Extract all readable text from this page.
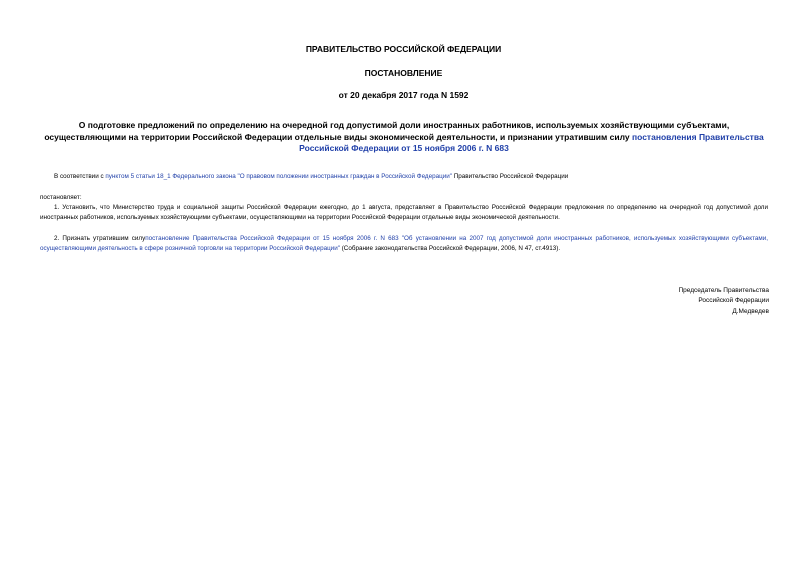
ПРАВИТЕЛЬСТВО РОССИЙСКОЙ ФЕДЕРАЦИИ
ПОСТАНОВЛЕНИЕ
от 20 декабря 2017 года N 1592
О подготовке предложений по определению на очередной год допустимой доли иностранных работников, используемых хозяйствующими субъектами, осуществляющими на территории Российской Федерации отдельные виды экономической деятельности, и признании утратившим силу постановления Правительства Российской Федерации от 15 ноября 2006 г. N 683
В соответствии с пунктом 5 статьи 18_1 Федерального закона "О правовом положении иностранных граждан в Российской Федерации" Правительство Российской Федерации
постановляет:
1. Установить, что Министерство труда и социальной защиты Российской Федерации ежегодно, до 1 августа, представляет в Правительство Российской Федерации предложения по определению на очередной год допустимой доли иностранных работников, используемых хозяйствующими субъектами, осуществляющими на территории Российской Федерации отдельные виды экономической деятельности.
2. Признать утратившим силупостановление Правительства Российской Федерации от 15 ноября 2006 г. N 683 "Об установлении на 2007 год допустимой доли иностранных работников, используемых хозяйствующими субъектами, осуществляющими деятельность в сфере розничной торговли на территории Российской Федерации" (Собрание законодательства Российской Федерации, 2006, N 47, ст.4913).
Председатель Правительства
Российской Федерации
Д.Медведев
